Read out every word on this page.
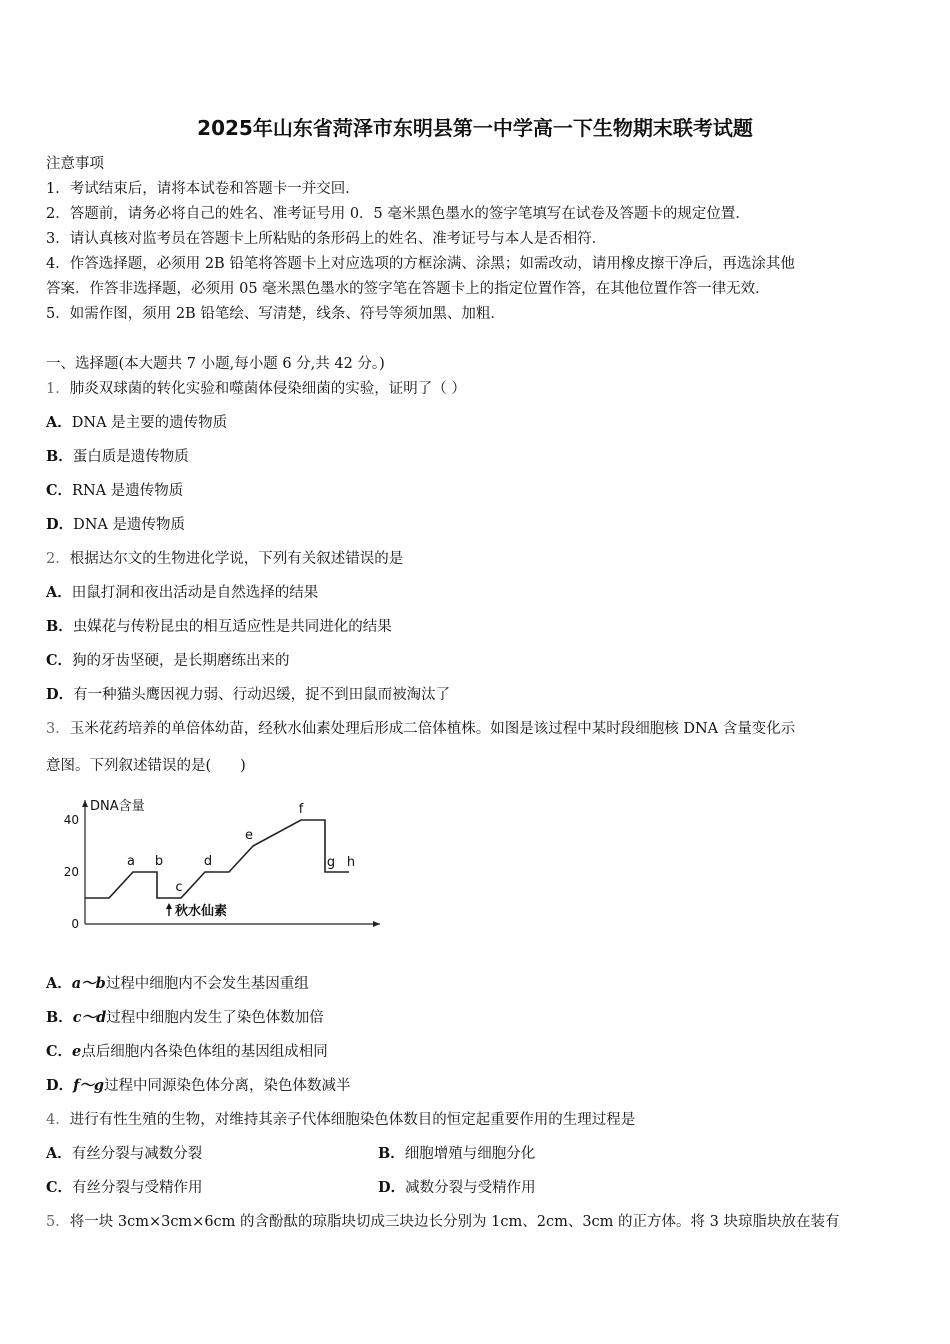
2025年山东省菏泽市东明县第一中学高一下生物期末联考试题
注意事项
1．考试结束后，请将本试卷和答题卡一并交回．
2．答题前，请务必将自己的姓名、准考证号用 0．5 毫米黑色墨水的签字笔填写在试卷及答题卡的规定位置．
3．请认真核对监考员在答题卡上所粘贴的条形码上的姓名、准考证号与本人是否相符．
4．作答选择题，必须用 2B 铅笔将答题卡上对应选项的方框涂满、涂黑；如需改动，请用橡皮擦干净后，再选涂其他
答案．作答非选择题，必须用 05 毫米黑色墨水的签字笔在答题卡上的指定位置作答，在其他位置作答一律无效．
5．如需作图，须用 2B 铅笔绘、写清楚，线条、符号等须加黑、加粗．
一、选择题(本大题共 7 小题,每小题 6 分,共 42 分。)
1．肺炎双球菌的转化实验和噬菌体侵染细菌的实验，证明了（ ）
A．DNA 是主要的遗传物质
B．蛋白质是遗传物质
C．RNA 是遗传物质
D．DNA 是遗传物质
2．根据达尔文的生物进化学说，下列有关叙述错误的是
A．田鼠打洞和夜出活动是自然选择的结果
B．虫媒花与传粉昆虫的相互适应性是共同进化的结果
C．狗的牙齿坚硬，是长期磨练出来的
D．有一种猫头鹰因视力弱、行动迟缓，捉不到田鼠而被淘汰了
3．玉米花药培养的单倍体幼苗，经秋水仙素处理后形成二倍体植株。如图是该过程中某时段细胞核 DNA 含量变化示
意图。下列叙述错误的是(　　)
DNA含量
0
20
40
a b
c
d
e
f
g h
秋水仙素
A．a～b过程中细胞内不会发生基因重组
B．c～d过程中细胞内发生了染色体数加倍
C．e点后细胞内各染色体组的基因组成相同
D．f～g过程中同源染色体分离，染色体数减半
4．进行有性生殖的生物，对维持其亲子代体细胞染色体数目的恒定起重要作用的生理过程是
A．有丝分裂与减数分裂	B．细胞增殖与细胞分化
C．有丝分裂与受精作用	D．减数分裂与受精作用
5．将一块 3cm×3cm×6cm 的含酚酞的琼脂块切成三块边长分别为 1cm、2cm、3cm 的正方体。将 3 块琼脂块放在装有
